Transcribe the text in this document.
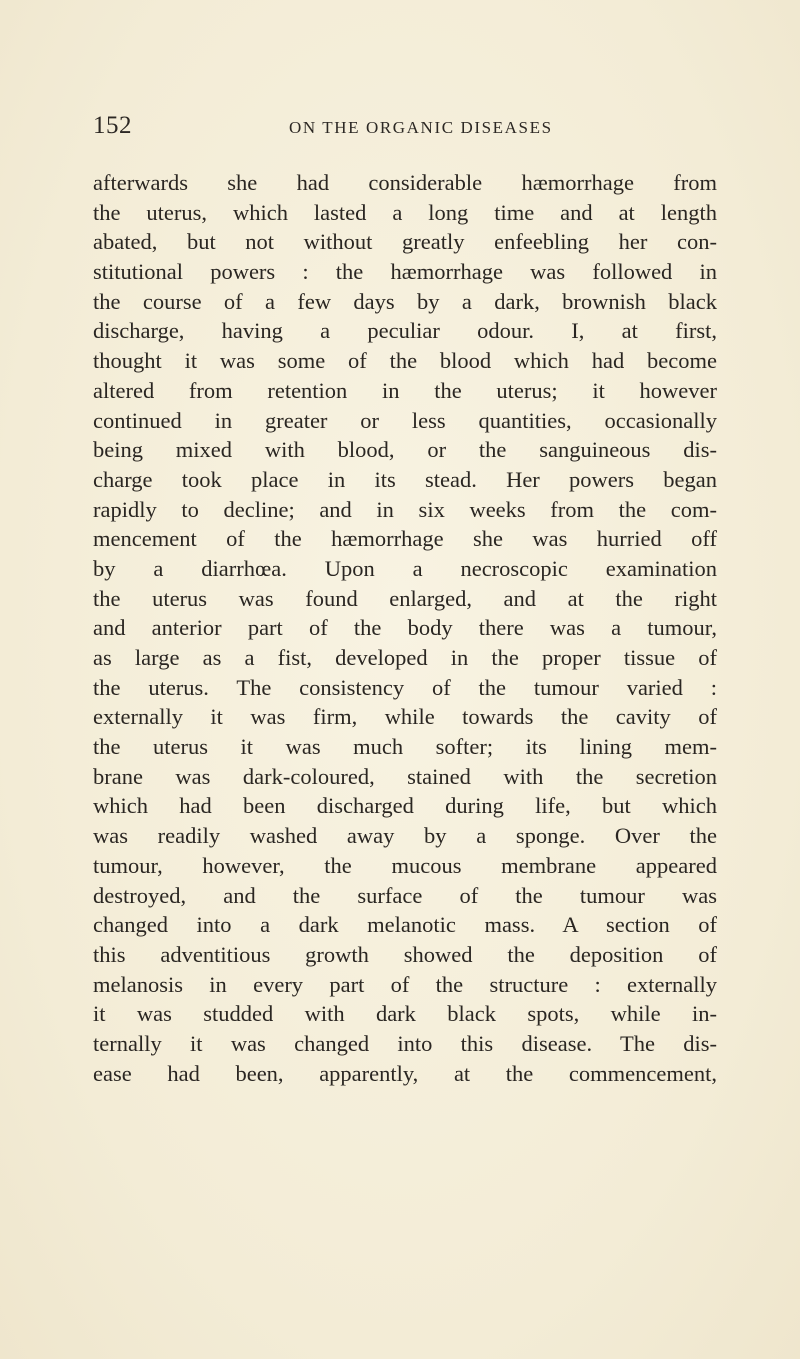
152	ON THE ORGANIC DISEASES
afterwards she had considerable hæmorrhage from
the uterus, which lasted a long time and at length
abated, but not without greatly enfeebling her con-
stitutional powers : the hæmorrhage was followed in
the course of a few days by a dark, brownish black
discharge, having a peculiar odour. I, at first,
thought it was some of the blood which had become
altered from retention in the uterus; it however
continued in greater or less quantities, occasionally
being mixed with blood, or the sanguineous dis-
charge took place in its stead. Her powers began
rapidly to decline; and in six weeks from the com-
mencement of the hæmorrhage she was hurried off
by a diarrhœa. Upon a necroscopic examination
the uterus was found enlarged, and at the right
and anterior part of the body there was a tumour,
as large as a fist, developed in the proper tissue of
the uterus. The consistency of the tumour varied :
externally it was firm, while towards the cavity of
the uterus it was much softer; its lining mem-
brane was dark-coloured, stained with the secretion
which had been discharged during life, but which
was readily washed away by a sponge. Over the
tumour, however, the mucous membrane appeared
destroyed, and the surface of the tumour was
changed into a dark melanotic mass. A section of
this adventitious growth showed the deposition of
melanosis in every part of the structure : externally
it was studded with dark black spots, while in-
ternally it was changed into this disease. The dis-
ease had been, apparently, at the commencement,
